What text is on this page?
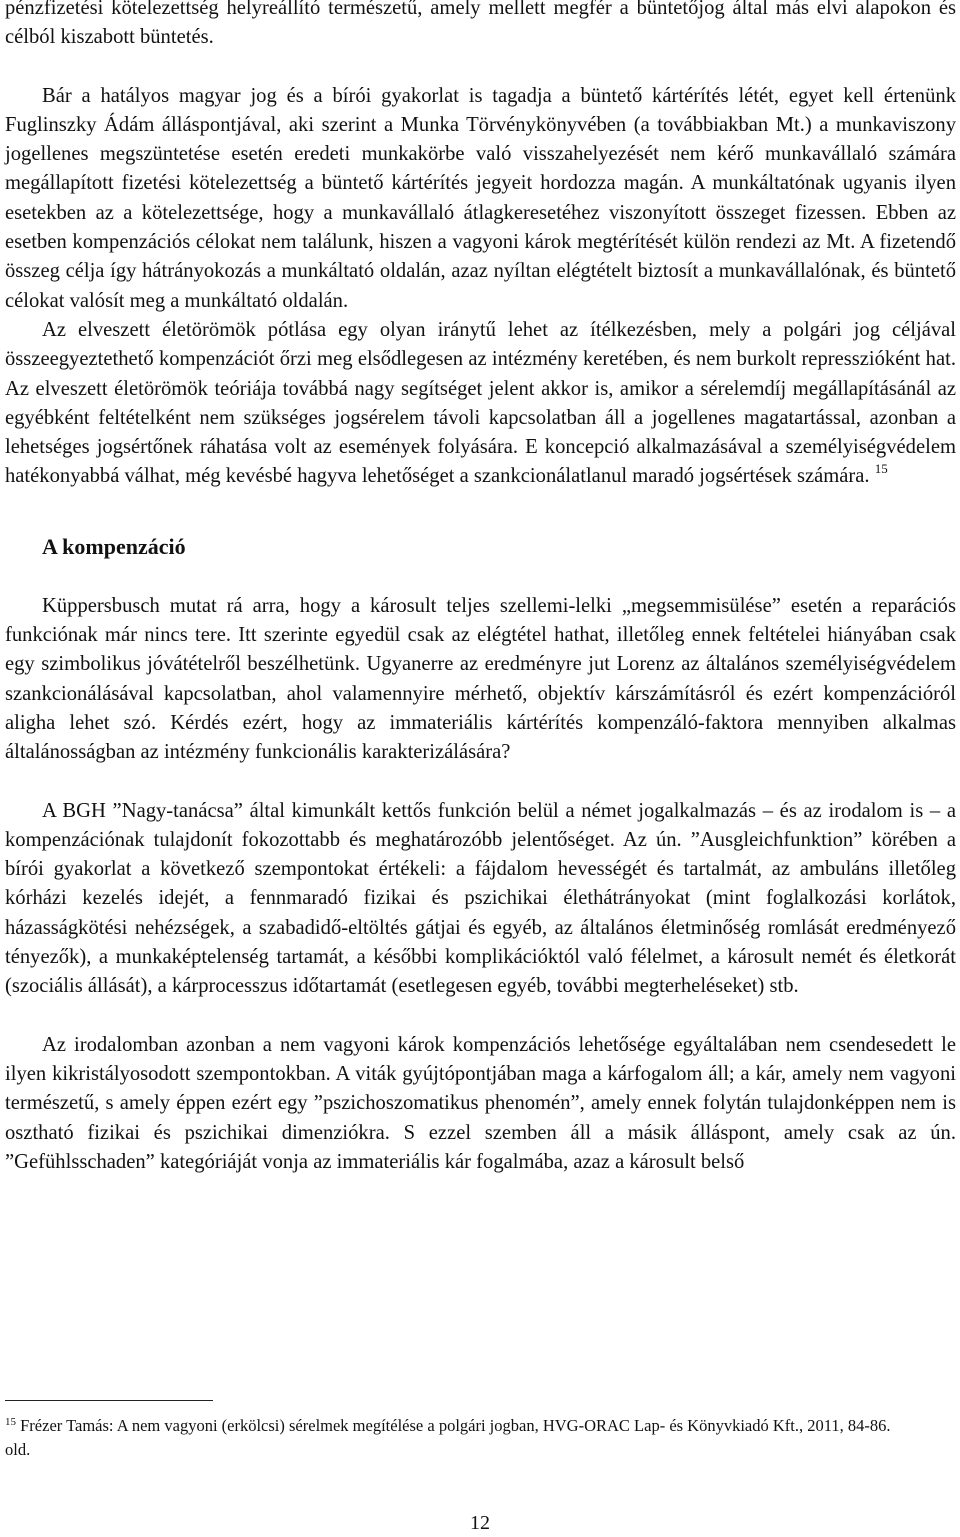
pénzfizetési kötelezettség helyreállító természetű, amely mellett megfér a büntetőjog által más elvi alapokon és célból kiszabott büntetés.

Bár a hatályos magyar jog és a bírói gyakorlat is tagadja a büntető kártérítés létét, egyet kell értenünk Fuglinszky Ádám álláspontjával, aki szerint a Munka Törvénykönyvében (a továbbiakban Mt.) a munkaviszony jogellenes megszüntetése esetén eredeti munkakörbe való visszahelyezését nem kérő munkavállaló számára megállapított fizetési kötelezettség a büntető kártérítés jegyeit hordozza magán. A munkáltatónak ugyanis ilyen esetekben az a kötelezettsége, hogy a munkavállaló átlagkeresetéhez viszonyított összeget fizessen. Ebben az esetben kompenzációs célokat nem találunk, hiszen a vagyoni károk megtérítését külön rendezi az Mt. A fizetendő összeg célja így hátrányokozás a munkáltató oldalán, azaz nyíltan elégtételt biztosít a munkavállalónak, és büntető célokat valósít meg a munkáltató oldalán.

Az elveszett életörömök pótlása egy olyan iránytű lehet az ítélkezésben, mely a polgári jog céljával összeegyeztethető kompenzációt őrzi meg elsődlegesen az intézmény keretében, és nem burkolt represszióként hat. Az elveszett életörömök teóriája továbbá nagy segítséget jelent akkor is, amikor a sérelemdíj megállapításánál az egyébként feltételként nem szükséges jogsérelem távoli kapcsolatban áll a jogellenes magatartással, azonban a lehetséges jogsértőnek ráhatása volt az események folyására. E koncepció alkalmazásával a személyiségvédelem hatékonyabbá válhat, még kevésbé hagyva lehetőséget a szankcionálatlanul maradó jogsértések számára. $^{15}$

A kompenzáció

Küppersbusch mutat rá arra, hogy a károsult teljes szellemi-lelki „megsemmisülése” esetén a reparációs funkciónak már nincs tere. Itt szerinte egyedül csak az elégtétel hathat, illetőleg ennek feltételei hiányában csak egy szimbolikus jóvátételről beszélhetünk. Ugyanerre az eredményre jut Lorenz az általános személyiségvédelem szankcionálásával kapcsolatban, ahol valamennyire mérhető, objektív kárszámításról és ezért kompenzációról aligha lehet szó. Kérdés ezért, hogy az immateriális kártérítés kompenzáló-faktora mennyiben alkalmas általánosságban az intézmény funkcionális karakterizálására?

A BGH ”Nagy-tanácsa” által kimunkált kettős funkción belül a német jogalkalmazás – és az irodalom is – a kompenzációnak tulajdonít fokozottabb és meghatározóbb jelentőséget. Az ún. ”Ausgleichfunktion” körében a bírói gyakorlat a következő szempontokat értékeli: a fájdalom hevességét és tartalmát, az ambuláns illetőleg kórházi kezelés idejét, a fennmaradó fizikai és pszichikai élethátrányokat (mint foglalkozási korlátok, házasságkötési nehézségek, a szabadidő-eltöltés gátjai és egyéb, az általános életminőség romlását eredményező tényezők), a munkaképtelenség tartamát, a későbbi komplikációktól való félelmet, a károsult nemét és életkorát (szociális állását), a kárprocesszus időtartamát (esetlegesen egyéb, további megterheléseket) stb.

Az irodalomban azonban a nem vagyoni károk kompenzációs lehetősége egyáltalában nem csendesedett le ilyen kikristályosodott szempontokban. A viták gyújtópontjában maga a kárfogalom áll; a kár, amely nem vagyoni természetű, s amely éppen ezért egy ”pszichoszomatikus phenomén”, amely ennek folytán tulajdonképpen nem is osztható fizikai és pszichikai dimenziókra. S ezzel szemben áll a másik álláspont, amely csak az ún. ”Gefühlsschaden” kategóriáját vonja az immateriális kár fogalmába, azaz a károsult belső

$^{15}$ Frézer Tamás: A nem vagyoni (erkölcsi) sérelmek megítélése a polgári jogban, HVG-ORAC Lap- és Könyvkiadó Kft., 2011, 84-86. old.
12
